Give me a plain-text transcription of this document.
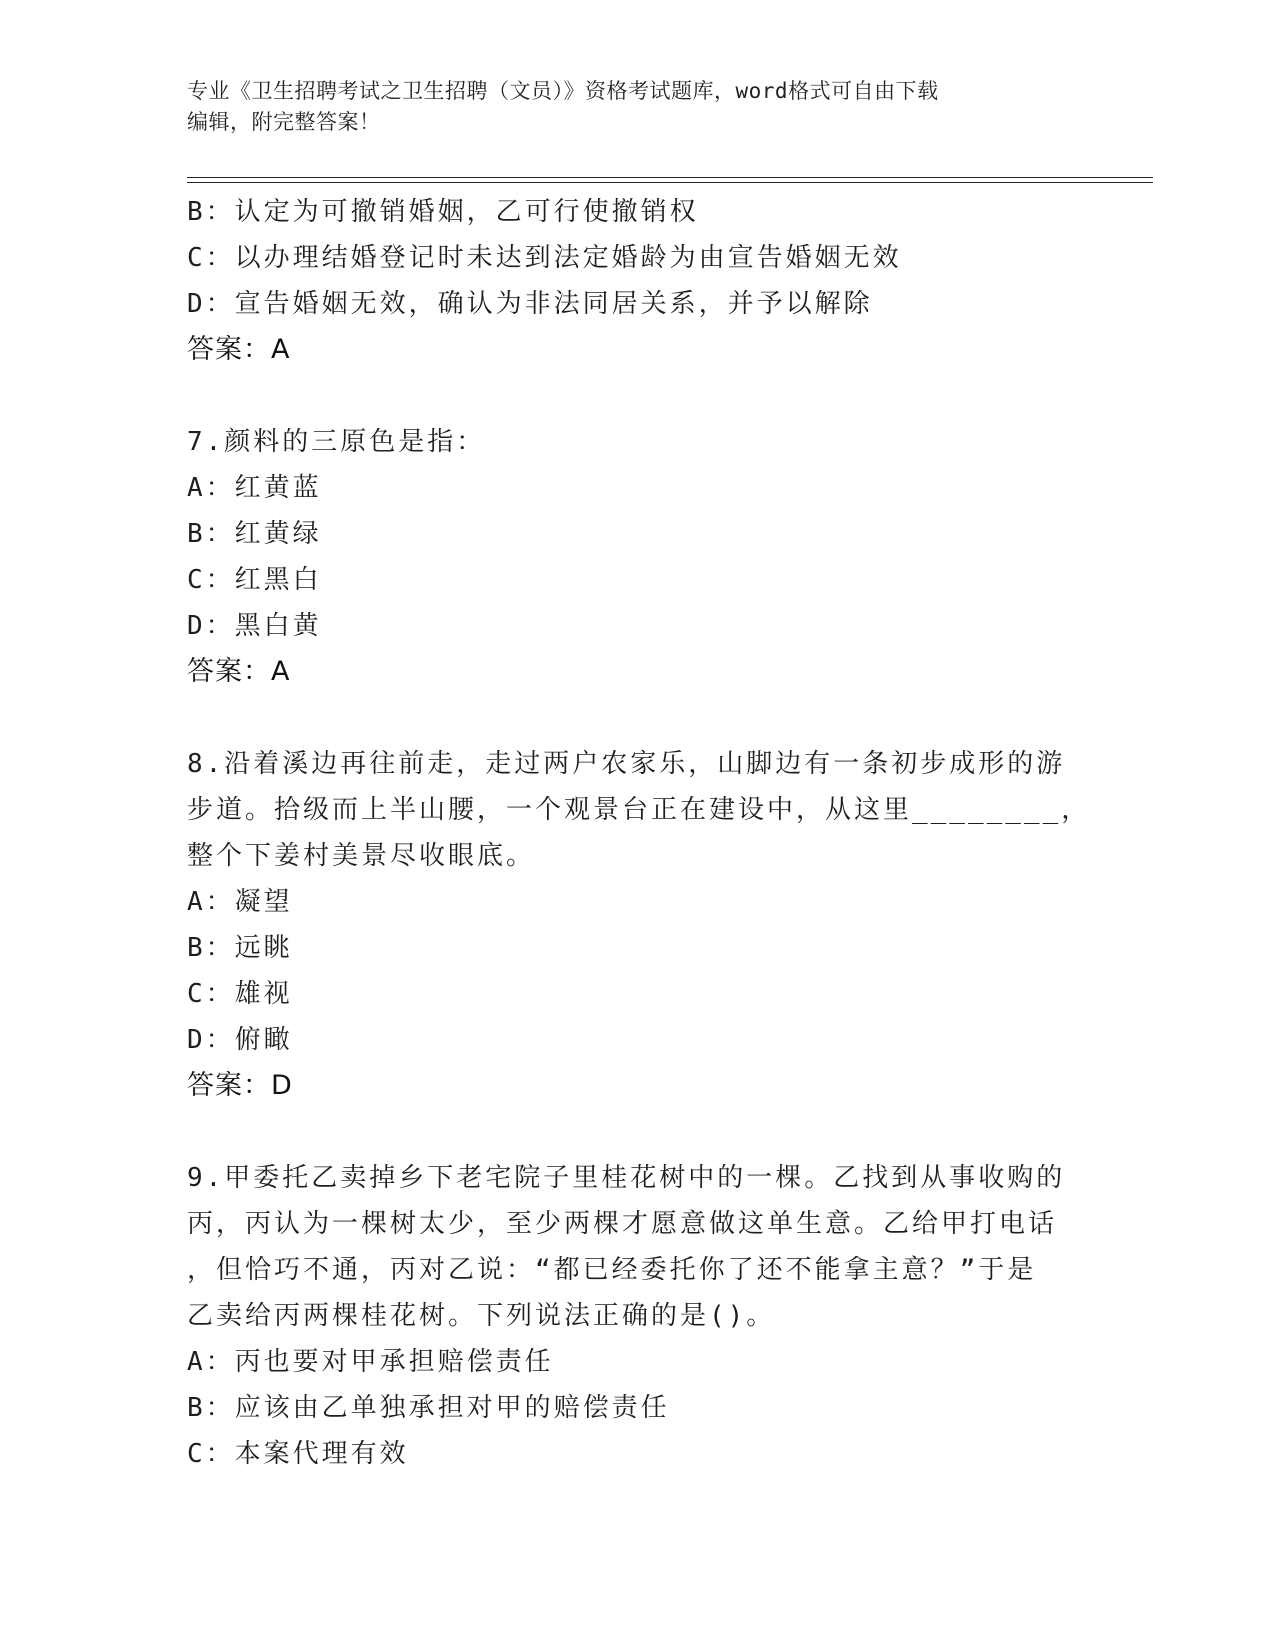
专业《卫生招聘考试之卫生招聘（文员）》资格考试题库，word格式可自由下载
编辑，附完整答案！
B：认定为可撤销婚姻，乙可行使撤销权
C：以办理结婚登记时未达到法定婚龄为由宣告婚姻无效
D：宣告婚姻无效，确认为非法同居关系，并予以解除
答案：A
7.颜料的三原色是指：
A：红黄蓝
B：红黄绿
C：红黑白
D：黑白黄
答案：A
8.沿着溪边再往前走，走过两户农家乐，山脚边有一条初步成形的游
步道。拾级而上半山腰，一个观景台正在建设中，从这里________，
整个下姜村美景尽收眼底。
A：凝望
B：远眺
C：雄视
D：俯瞰
答案：D
9.甲委托乙卖掉乡下老宅院子里桂花树中的一棵。乙找到从事收购的
丙，丙认为一棵树太少，至少两棵才愿意做这单生意。乙给甲打电话
，但恰巧不通，丙对乙说：“都已经委托你了还不能拿主意？”于是
乙卖给丙两棵桂花树。下列说法正确的是()。
A：丙也要对甲承担赔偿责任
B：应该由乙单独承担对甲的赔偿责任
C：本案代理有效
